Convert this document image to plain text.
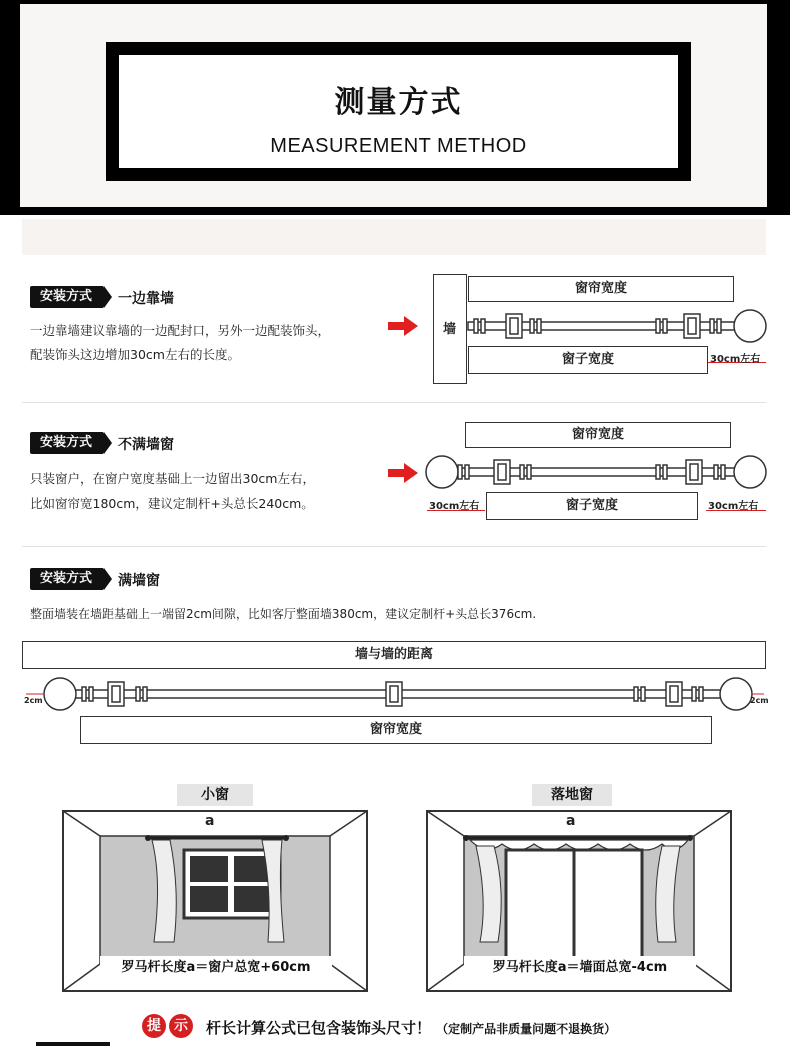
测量方式
MEASUREMENT METHOD
安装方式	一边靠墙
一边靠墙建议靠墙的一边配封口，另外一边配装饰头，
配装饰头这边增加30cm左右的长度。
墙
窗帘宽度
窗子宽度	30cm左右
安装方式	不满墙窗
只装窗户，在窗户宽度基础上一边留出30cm左右，
比如窗帘宽180cm，建议定制杆+头总长240cm。
窗帘宽度
窗子宽度
30cm左右	30cm左右
安装方式	满墙窗
整面墙装在墙距基础上一端留2cm间隙，比如客厅整面墙380cm，建议定制杆+头总长376cm.
墙与墙的距离
2cm	2cm
窗帘宽度
小窗	落地窗
a
罗马杆长度a＝窗户总宽+60cm
a
罗马杆长度a＝墙面总宽-4cm
提 示	杆长计算公式已包含装饰头尺寸！ （定制产品非质量问题不退换货）
